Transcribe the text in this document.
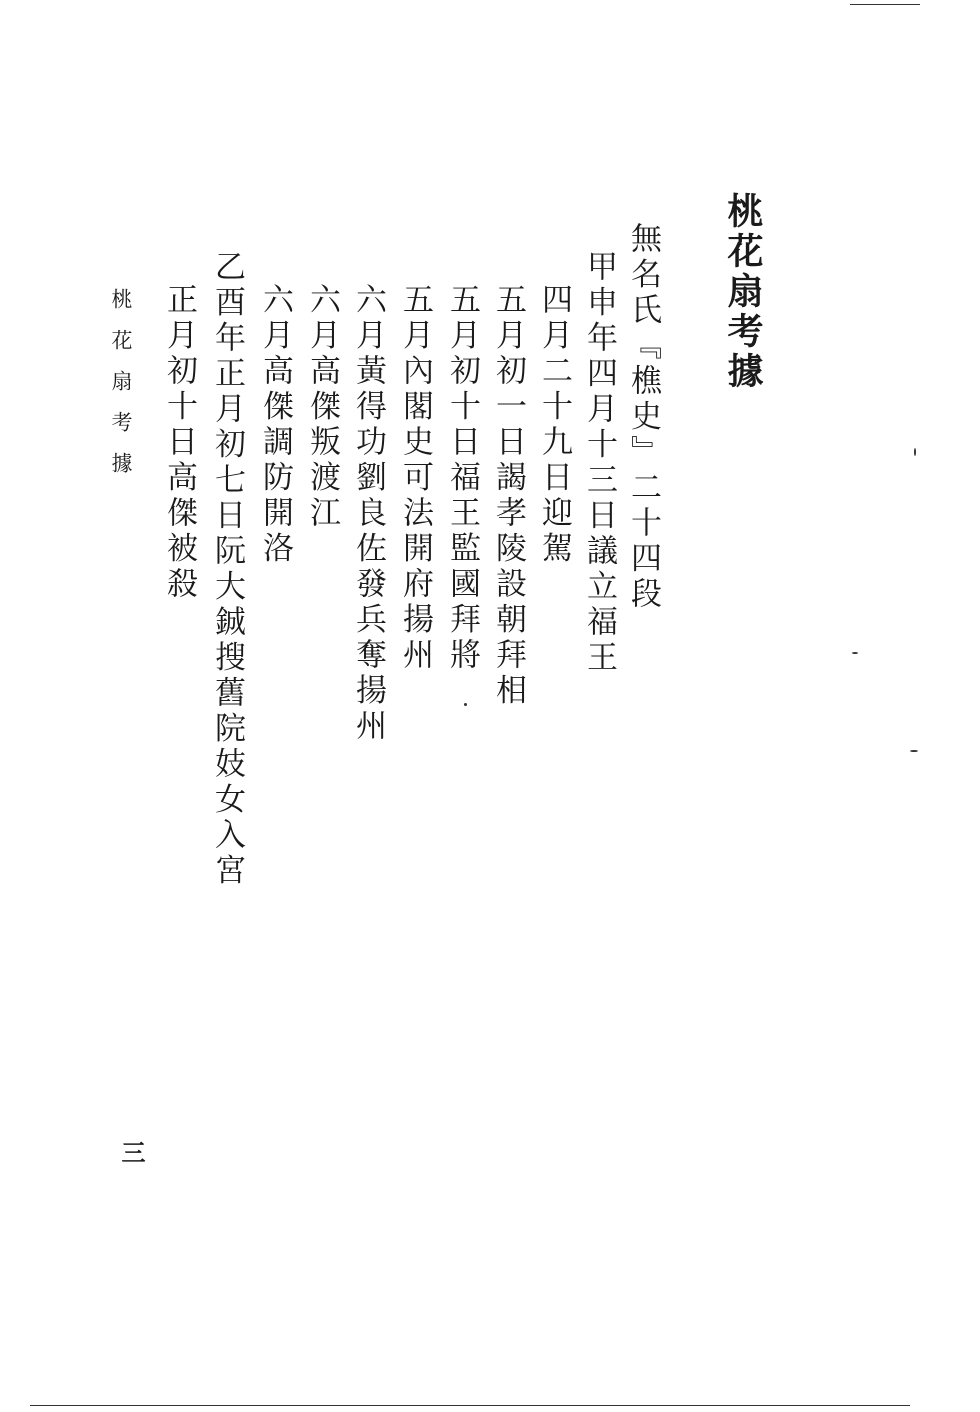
桃花扇考據
無名氏『樵史』二十四段
甲申年四月十三日議立福王
四月二十九日迎駕
五月初一日謁孝陵設朝拜相
五月初十日福王監國拜將
五月內閣史可法開府揚州
六月黃得功劉良佐發兵奪揚州
六月高傑叛渡江
六月高傑調防開洛
乙酉年正月初七日阮大鋮搜舊院妓女入宮
正月初十日高傑被殺
桃花扇考據
三
